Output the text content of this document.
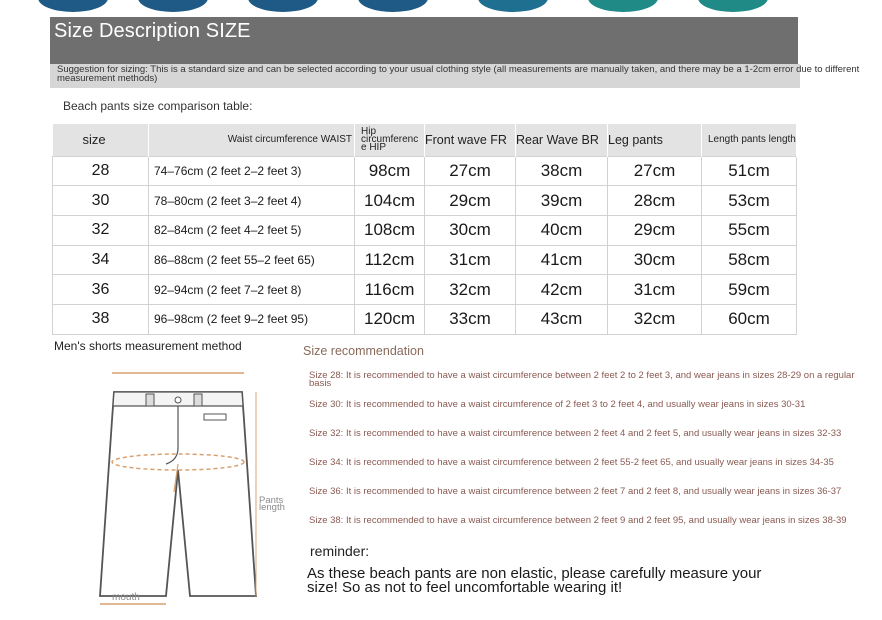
Size Description SIZE
Suggestion for sizing: This is a standard size and can be selected according to your usual clothing style (all measurements are manually taken, and there may be a 1-2cm error due to different measurement methods)
Beach pants size comparison table:
size	Waist circumference WAIST	Hip circumferenc e HIP	Front wave FR	Rear Wave BR	Leg pants	Length pants length
28	74–76cm (2 feet 2–2 feet 3)	98cm	27cm	38cm	27cm	51cm
30	78–80cm (2 feet 3–2 feet 4)	104cm	29cm	39cm	28cm	53cm
32	82–84cm (2 feet 4–2 feet 5)	108cm	30cm	40cm	29cm	55cm
34	86–88cm (2 feet 55–2 feet 65)	112cm	31cm	41cm	30cm	58cm
36	92–94cm (2 feet 7–2 feet 8)	116cm	32cm	42cm	31cm	59cm
38	96–98cm (2 feet 9–2 feet 95)	120cm	33cm	43cm	32cm	60cm
Men's shorts measurement method
mouth
Pants length
Size recommendation
Size 28: It is recommended to have a waist circumference between 2 feet 2 to 2 feet 3, and wear jeans in sizes 28-29 on a regular basis
Size 30: It is recommended to have a waist circumference of 2 feet 3 to 2 feet 4, and usually wear jeans in sizes 30-31
Size 32: It is recommended to have a waist circumference between 2 feet 4 and 2 feet 5, and usually wear jeans in sizes 32-33
Size 34: It is recommended to have a waist circumference between 2 feet 55-2 feet 65, and usually wear jeans in sizes 34-35
Size 36: It is recommended to have a waist circumference between 2 feet 7 and 2 feet 8, and usually wear jeans in sizes 36-37
Size 38: It is recommended to have a waist circumference between 2 feet 9 and 2 feet 95, and usually wear jeans in sizes 38-39
reminder:
As these beach pants are non elastic, please carefully measure your size! So as not to feel uncomfortable wearing it!
